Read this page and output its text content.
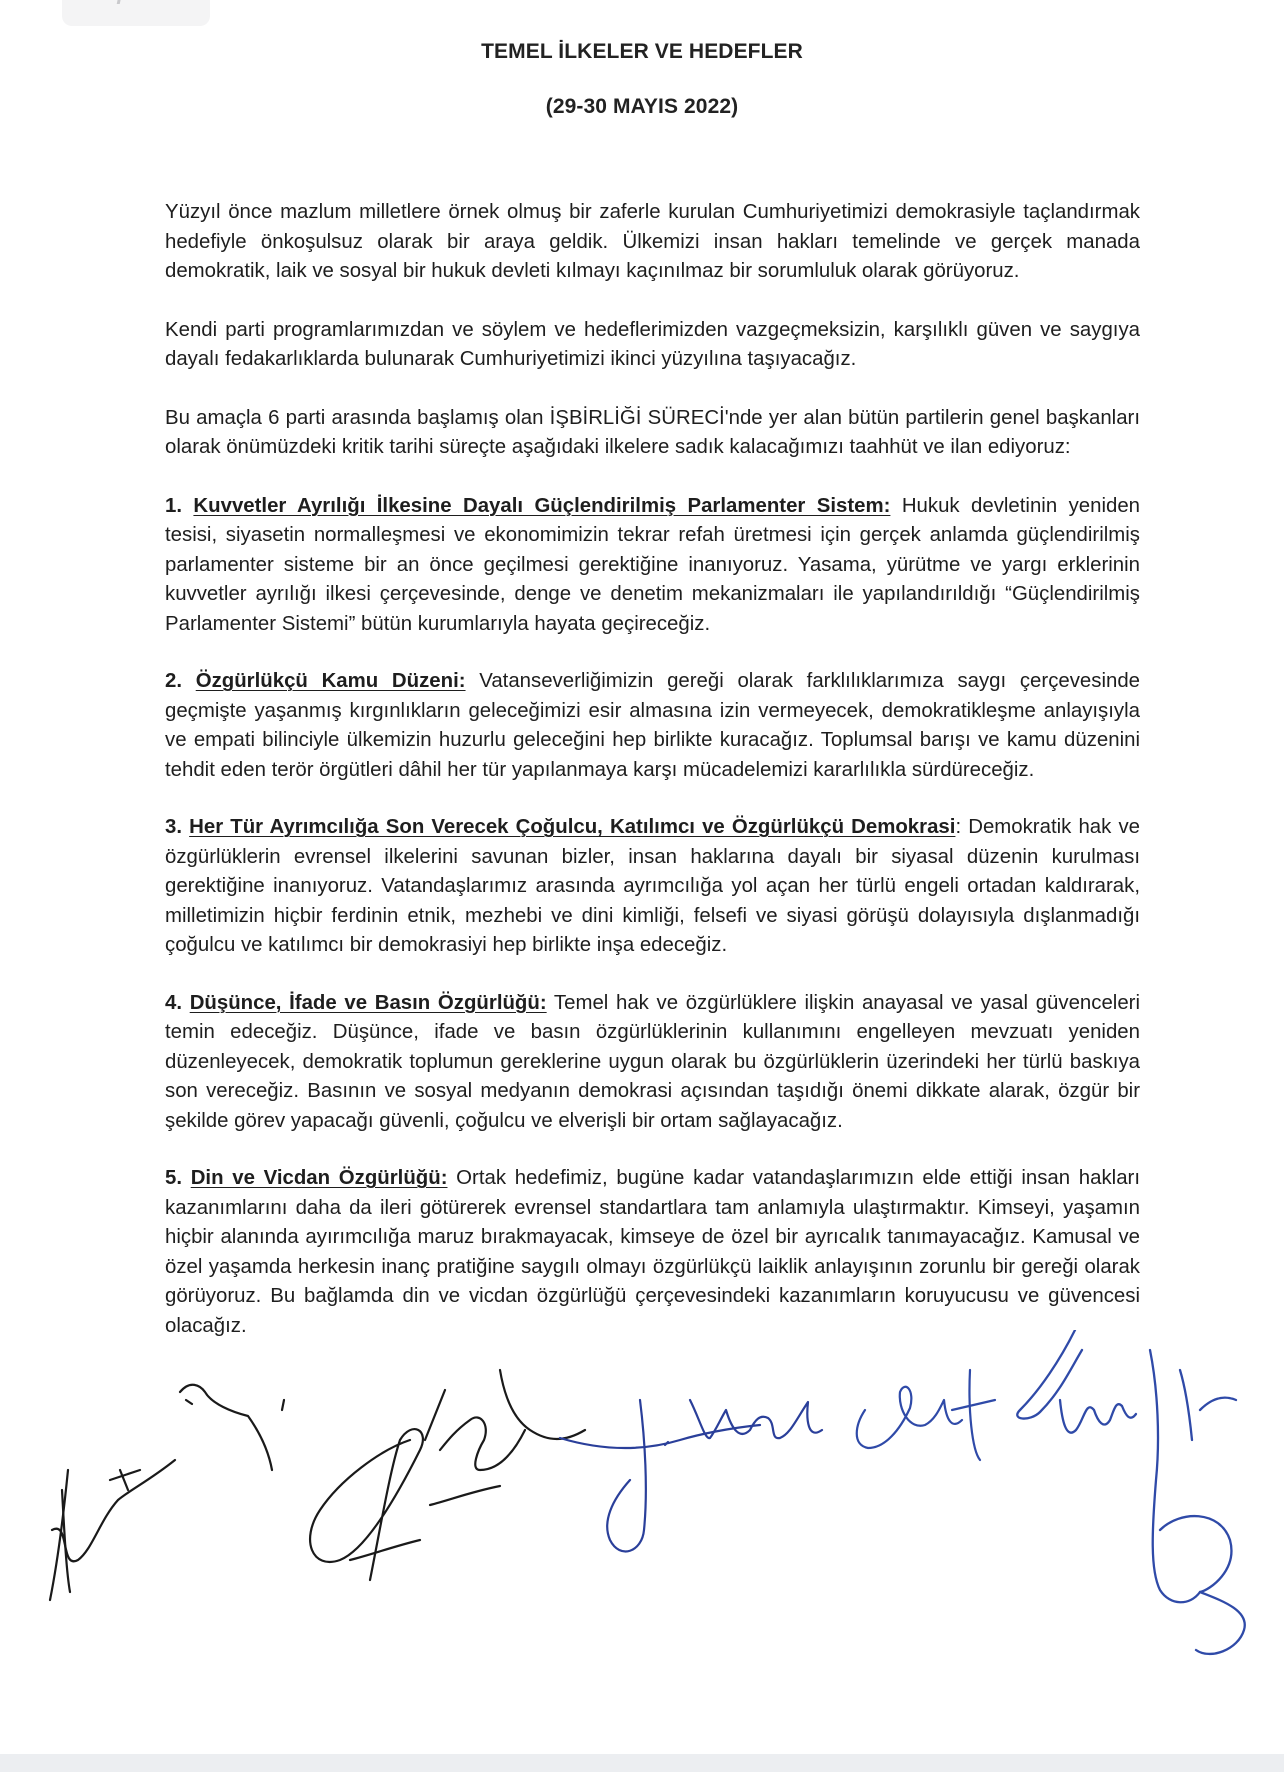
TEMEL İLKELER VE HEDEFLER
(29-30 MAYIS 2022)

Yüzyıl önce mazlum milletlere örnek olmuş bir zaferle kurulan Cumhuriyetimizi demokrasiyle taçlandırmak hedefiyle önkoşulsuz olarak bir araya geldik. Ülkemizi insan hakları temelinde ve gerçek manada demokratik, laik ve sosyal bir hukuk devleti kılmayı kaçınılmaz bir sorumluluk olarak görüyoruz.

Kendi parti programlarımızdan ve söylem ve hedeflerimizden vazgeçmeksizin, karşılıklı güven ve saygıya dayalı fedakarlıklarda bulunarak Cumhuriyetimizi ikinci yüzyılına taşıyacağız.

Bu amaçla 6 parti arasında başlamış olan İŞBİRLİĞİ SÜRECİ'nde yer alan bütün partilerin genel başkanları olarak önümüzdeki kritik tarihi süreçte aşağıdaki ilkelere sadık kalacağımızı taahhüt ve ilan ediyoruz:

1. Kuvvetler Ayrılığı İlkesine Dayalı Güçlendirilmiş Parlamenter Sistem: Hukuk devletinin yeniden tesisi, siyasetin normalleşmesi ve ekonomimizin tekrar refah üretmesi için gerçek anlamda güçlendirilmiş parlamenter sisteme bir an önce geçilmesi gerektiğine inanıyoruz. Yasama, yürütme ve yargı erklerinin kuvvetler ayrılığı ilkesi çerçevesinde, denge ve denetim mekanizmaları ile yapılandırıldığı “Güçlendirilmiş Parlamenter Sistemi” bütün kurumlarıyla hayata geçireceğiz.

2. Özgürlükçü Kamu Düzeni: Vatanseverliğimizin gereği olarak farklılıklarımıza saygı çerçevesinde geçmişte yaşanmış kırgınlıkların geleceğimizi esir almasına izin vermeyecek, demokratikleşme anlayışıyla ve empati bilinciyle ülkemizin huzurlu geleceğini hep birlikte kuracağız. Toplumsal barışı ve kamu düzenini tehdit eden terör örgütleri dâhil her tür yapılanmaya karşı mücadelemizi kararlılıkla sürdüreceğiz.

3. Her Tür Ayrımcılığa Son Verecek Çoğulcu, Katılımcı ve Özgürlükçü Demokrasi: Demokratik hak ve özgürlüklerin evrensel ilkelerini savunan bizler, insan haklarına dayalı bir siyasal düzenin kurulması gerektiğine inanıyoruz. Vatandaşlarımız arasında ayrımcılığa yol açan her türlü engeli ortadan kaldırarak, milletimizin hiçbir ferdinin etnik, mezhebi ve dini kimliği, felsefi ve siyasi görüşü dolayısıyla dışlanmadığı çoğulcu ve katılımcı bir demokrasiyi hep birlikte inşa edeceğiz.

4. Düşünce, İfade ve Basın Özgürlüğü: Temel hak ve özgürlüklere ilişkin anayasal ve yasal güvenceleri temin edeceğiz. Düşünce, ifade ve basın özgürlüklerinin kullanımını engelleyen mevzuatı yeniden düzenleyecek, demokratik toplumun gereklerine uygun olarak bu özgürlüklerin üzerindeki her türlü baskıya son vereceğiz. Basının ve sosyal medyanın demokrasi açısından taşıdığı önemi dikkate alarak, özgür bir şekilde görev yapacağı güvenli, çoğulcu ve elverişli bir ortam sağlayacağız.

5. Din ve Vicdan Özgürlüğü: Ortak hedefimiz, bugüne kadar vatandaşlarımızın elde ettiği insan hakları kazanımlarını daha da ileri götürerek evrensel standartlara tam anlamıyla ulaştırmaktır. Kimseyi, yaşamın hiçbir alanında ayırımcılığa maruz bırakmayacak, kimseye de özel bir ayrıcalık tanımayacağız. Kamusal ve özel yaşamda herkesin inanç pratiğine saygılı olmayı özgürlükçü laiklik anlayışının zorunlu bir gereği olarak görüyoruz. Bu bağlamda din ve vicdan özgürlüğü çerçevesindeki kazanımların koruyucusu ve güvencesi olacağız.
